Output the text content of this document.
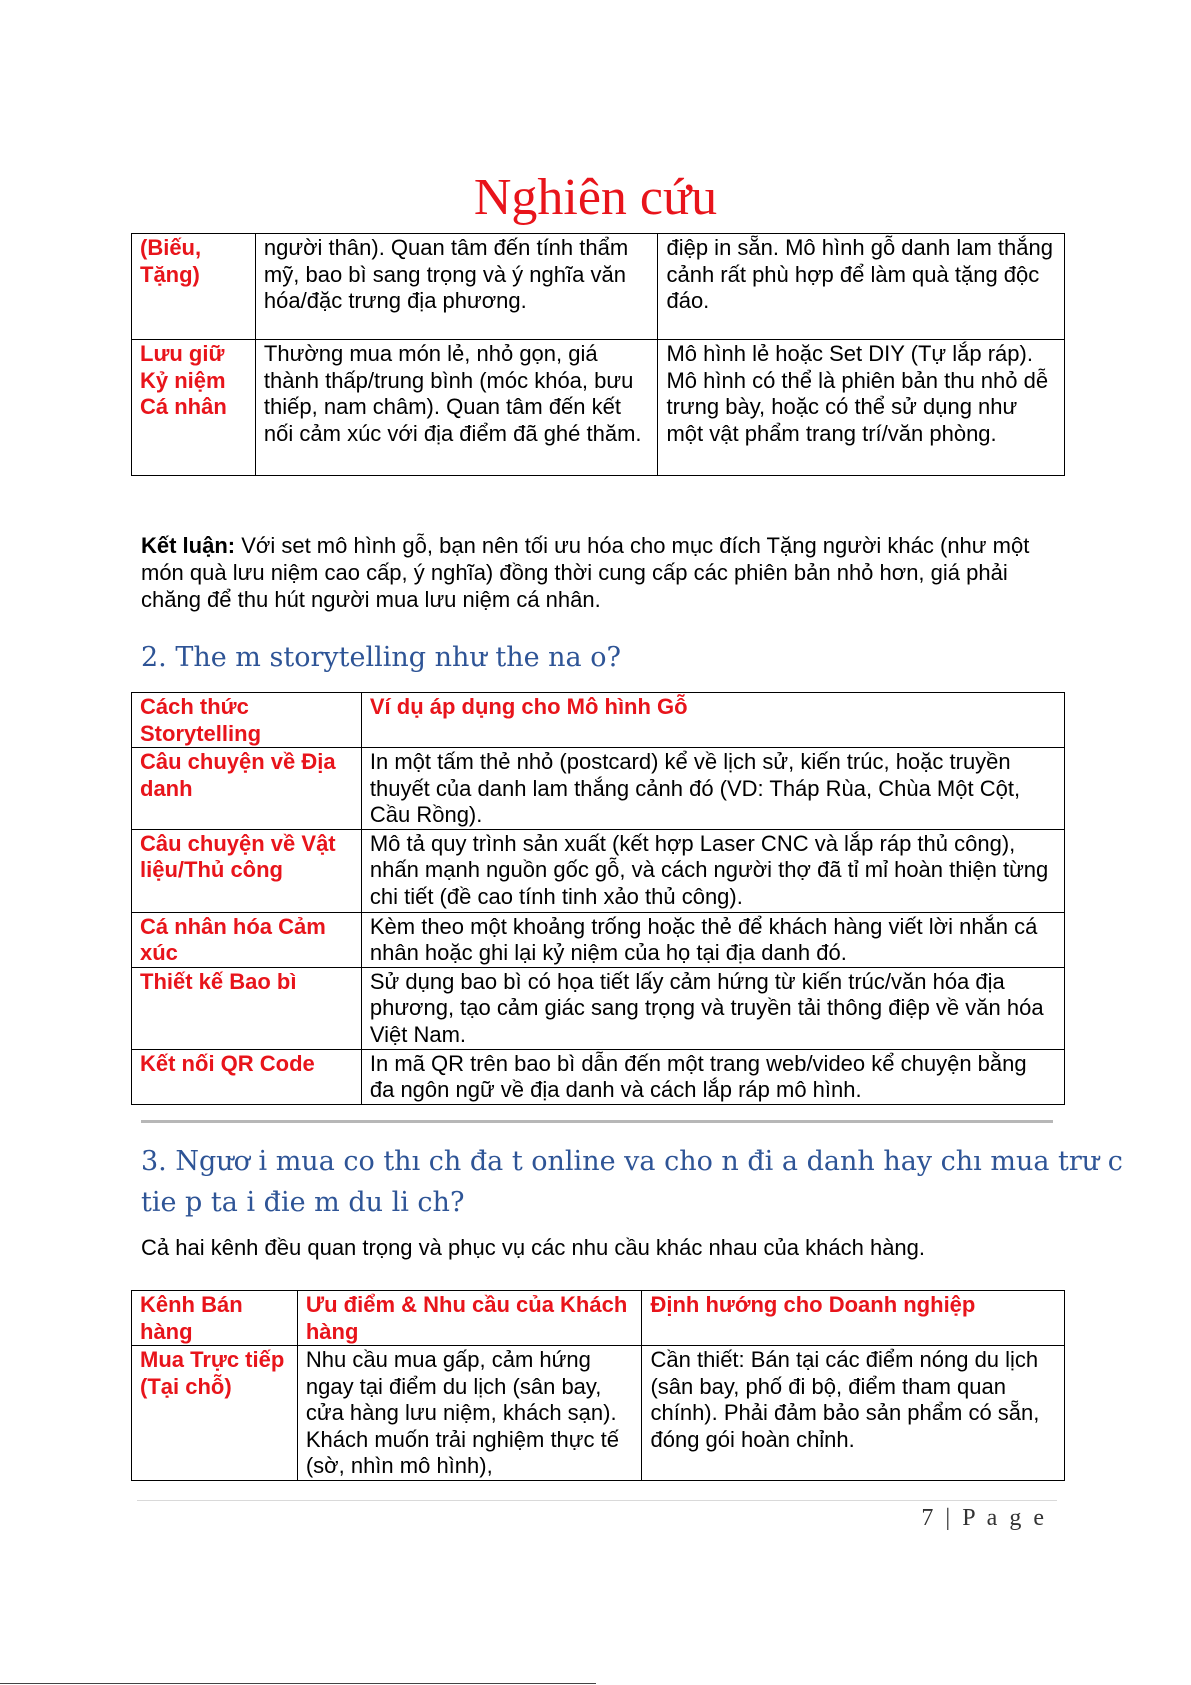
Nghiên cứu
(Biếu, Tặng)	người thân). Quan tâm đến tính thẩm mỹ, bao bì sang trọng và ý nghĩa văn hóa/đặc trưng địa phương.	điệp in sẵn. Mô hình gỗ danh lam thắng cảnh rất phù hợp để làm quà tặng độc đáo.
Lưu giữ Kỷ niệm Cá nhân	Thường mua món lẻ, nhỏ gọn, giá thành thấp/trung bình (móc khóa, bưu thiếp, nam châm). Quan tâm đến kết nối cảm xúc với địa điểm đã ghé thăm.	Mô hình lẻ hoặc Set DIY (Tự lắp ráp). Mô hình có thể là phiên bản thu nhỏ dễ trưng bày, hoặc có thể sử dụng như một vật phẩm trang trí/văn phòng.
Kết luận: Với set mô hình gỗ, bạn nên tối ưu hóa cho mục đích Tặng người khác (như một món quà lưu niệm cao cấp, ý nghĩa) đồng thời cung cấp các phiên bản nhỏ hơn, giá phải chăng để thu hút người mua lưu niệm cá nhân.
2. The m storytelling như the na o?
Cách thức Storytelling	Ví dụ áp dụng cho Mô hình Gỗ
Câu chuyện về Địa danh	In một tấm thẻ nhỏ (postcard) kể về lịch sử, kiến trúc, hoặc truyền thuyết của danh lam thắng cảnh đó (VD: Tháp Rùa, Chùa Một Cột, Cầu Rồng).
Câu chuyện về Vật liệu/Thủ công	Mô tả quy trình sản xuất (kết hợp Laser CNC và lắp ráp thủ công), nhấn mạnh nguồn gốc gỗ, và cách người thợ đã tỉ mỉ hoàn thiện từng chi tiết (đề cao tính tinh xảo thủ công).
Cá nhân hóa Cảm xúc	Kèm theo một khoảng trống hoặc thẻ để khách hàng viết lời nhắn cá nhân hoặc ghi lại kỷ niệm của họ tại địa danh đó.
Thiết kế Bao bì	Sử dụng bao bì có họa tiết lấy cảm hứng từ kiến trúc/văn hóa địa phương, tạo cảm giác sang trọng và truyền tải thông điệp về văn hóa Việt Nam.
Kết nối QR Code	In mã QR trên bao bì dẫn đến một trang web/video kể chuyện bằng đa ngôn ngữ về địa danh và cách lắp ráp mô hình.
3. Ngươ i mua co thı ch đa t online va cho n đi a danh hay chı mua trư c
tie p ta i đie m du li ch?
Cả hai kênh đều quan trọng và phục vụ các nhu cầu khác nhau của khách hàng.
Kênh Bán hàng	Ưu điểm & Nhu cầu của Khách hàng	Định hướng cho Doanh nghiệp
Mua Trực tiếp (Tại chỗ)	Nhu cầu mua gấp, cảm hứng ngay tại điểm du lịch (sân bay, cửa hàng lưu niệm, khách sạn). Khách muốn trải nghiệm thực tế (sờ, nhìn mô hình),	Cần thiết: Bán tại các điểm nóng du lịch (sân bay, phố đi bộ, điểm tham quan chính). Phải đảm bảo sản phẩm có sẵn, đóng gói hoàn chỉnh.
7 | P a g e
